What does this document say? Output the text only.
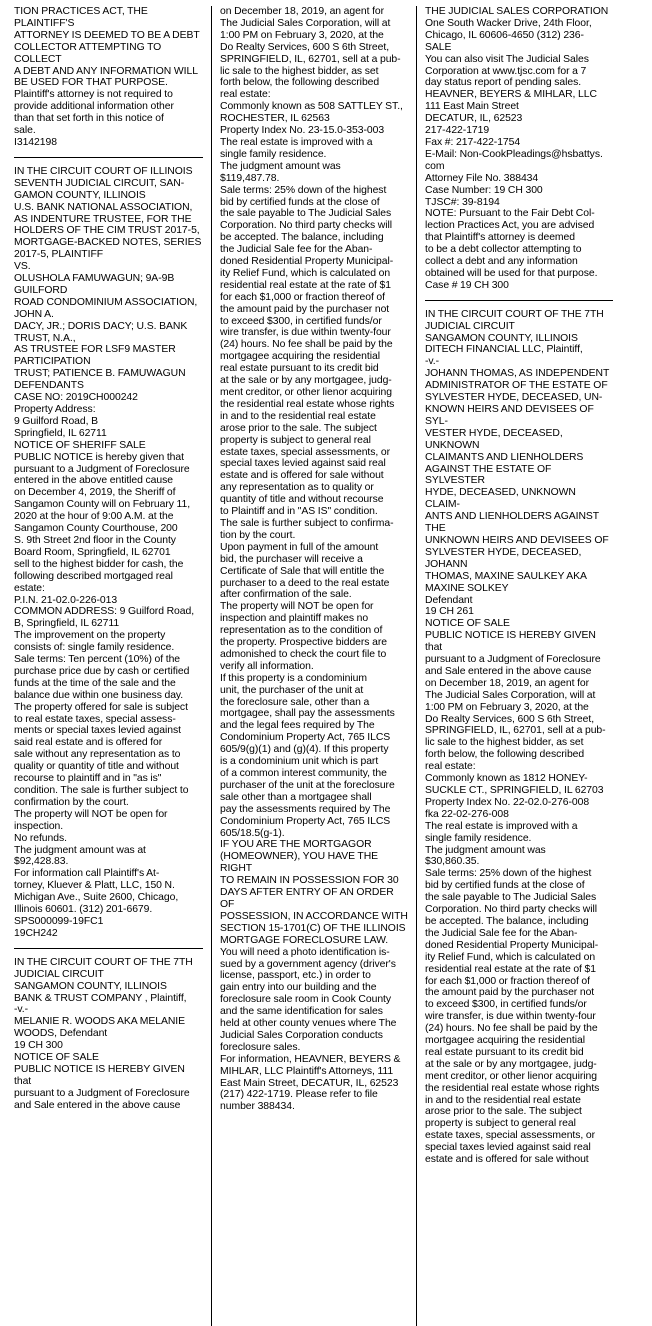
TION PRACTICES ACT, THE PLAINTIFF'S

ATTORNEY IS DEEMED TO BE A DEBT

COLLECTOR ATTEMPTING TO COLLECT

A DEBT AND ANY INFORMATION WILL

BE USED FOR THAT PURPOSE.

Plaintiff's attorney is not required to

provide additional information other

than that set forth in this notice of

sale.

I3142198

IN THE CIRCUIT COURT OF ILLINOIS

SEVENTH JUDICIAL CIRCUIT, SAN-

GAMON COUNTY, ILLINOIS

U.S. BANK NATIONAL ASSOCIATION,

AS INDENTURE TRUSTEE, FOR THE

HOLDERS OF THE CIM TRUST 2017-5,

MORTGAGE-BACKED NOTES, SERIES

2017-5, PLAINTIFF

VS.

OLUSHOLA FAMUWAGUN; 9A-9B

GUILFORD

ROAD CONDOMINIUM ASSOCIATION,

JOHN A.

DACY, JR.; DORIS DACY; U.S. BANK

TRUST, N.A.,

AS TRUSTEE FOR LSF9 MASTER

PARTICIPATION

TRUST; PATIENCE B. FAMUWAGUN

DEFENDANTS

CASE NO: 2019CH000242

Property Address:

9 Guilford Road, B

Springfield, IL 62711

NOTICE OF SHERIFF SALE

PUBLIC NOTICE is hereby given that

pursuant to a Judgment of Foreclosure

entered in the above entitled cause

on December 4, 2019, the Sheriff of

Sangamon County will on February 11,

2020 at the hour of 9:00 A.M. at the

Sangamon County Courthouse, 200

S. 9th Street 2nd floor in the County

Board Room, Springfield, IL 62701

sell to the highest bidder for cash, the

following described mortgaged real

estate:

P.I.N. 21-02.0-226-013

COMMON ADDRESS: 9 Guilford Road,

B, Springfield, IL 62711

The improvement on the property

consists of: single family residence.

Sale terms: Ten percent (10%) of the

purchase price due by cash or certified

funds at the time of the sale and the

balance due within one business day.

The property offered for sale is subject

to real estate taxes, special assess-

ments or special taxes levied against

said real estate and is offered for

sale without any representation as to

quality or quantity of title and without

recourse to plaintiff and in "as is"

condition. The sale is further subject to

confirmation by the court.

The property will NOT be open for

inspection.

No refunds.

The judgment amount was at

$92,428.83.

For information call Plaintiff's At-

torney, Kluever & Platt, LLC, 150 N.

Michigan Ave., Suite 2600, Chicago,

Illinois 60601. (312) 201-6679.

SPS000099-19FC1

19CH242

IN THE CIRCUIT COURT OF THE 7TH

JUDICIAL CIRCUIT

SANGAMON COUNTY, ILLINOIS

BANK & TRUST COMPANY , Plaintiff,

-v.-

MELANIE R. WOODS AKA MELANIE

WOODS, Defendant

19 CH 300

NOTICE OF SALE

PUBLIC NOTICE IS HEREBY GIVEN that

pursuant to a Judgment of Foreclosure

and Sale entered in the above cause

on December 18, 2019, an agent for

The Judicial Sales Corporation, will at

1:00 PM on February 3, 2020, at the

Do Realty Services, 600 S 6th Street,

SPRINGFIELD, IL, 62701, sell at a pub-

lic sale to the highest bidder, as set

forth below, the following described

real estate:

Commonly known as 508 SATTLEY ST.,

ROCHESTER, IL 62563

Property Index No. 23-15.0-353-003

The real estate is improved with a

single family residence.

The judgment amount was

$119,487.78.

Sale terms: 25% down of the highest

bid by certified funds at the close of

the sale payable to The Judicial Sales

Corporation. No third party checks will

be accepted. The balance, including

the Judicial Sale fee for the Aban-

doned Residential Property Municipal-

ity Relief Fund, which is calculated on

residential real estate at the rate of $1

for each $1,000 or fraction thereof of

the amount paid by the purchaser not

to exceed $300, in certified funds/or

wire transfer, is due within twenty-four

(24) hours. No fee shall be paid by the

mortgagee acquiring the residential

real estate pursuant to its credit bid

at the sale or by any mortgagee, judg-

ment creditor, or other lienor acquiring

the residential real estate whose rights

in and to the residential real estate

arose prior to the sale. The subject

property is subject to general real

estate taxes, special assessments, or

special taxes levied against said real

estate and is offered for sale without

any representation as to quality or

quantity of title and without recourse

to Plaintiff and in "AS IS" condition.

The sale is further subject to confirma-

tion by the court.

Upon payment in full of the amount

bid, the purchaser will receive a

Certificate of Sale that will entitle the

purchaser to a deed to the real estate

after confirmation of the sale.

The property will NOT be open for

inspection and plaintiff makes no

representation as to the condition of

the property. Prospective bidders are

admonished to check the court file to

verify all information.

If this property is a condominium

unit, the purchaser of the unit at

the foreclosure sale, other than a

mortgagee, shall pay the assessments

and the legal fees required by The

Condominium Property Act, 765 ILCS

605/9(g)(1) and (g)(4). If this property

is a condominium unit which is part

of a common interest community, the

purchaser of the unit at the foreclosure

sale other than a mortgagee shall

pay the assessments required by The

Condominium Property Act, 765 ILCS

605/18.5(g-1).

IF YOU ARE THE MORTGAGOR

(HOMEOWNER), YOU HAVE THE RIGHT

TO REMAIN IN POSSESSION FOR 30

DAYS AFTER ENTRY OF AN ORDER OF

POSSESSION, IN ACCORDANCE WITH

SECTION 15-1701(C) OF THE ILLINOIS

MORTGAGE FORECLOSURE LAW.

You will need a photo identification is-

sued by a government agency (driver's

license, passport, etc.) in order to

gain entry into our building and the

foreclosure sale room in Cook County

and the same identification for sales

held at other county venues where The

Judicial Sales Corporation conducts

foreclosure sales.

For information, HEAVNER, BEYERS &

MIHLAR, LLC Plaintiff's Attorneys, 111

East Main Street, DECATUR, IL, 62523

(217) 422-1719. Please refer to file

number 388434.

THE JUDICIAL SALES CORPORATION

One South Wacker Drive, 24th Floor,

Chicago, IL 60606-4650 (312) 236-

SALE

You can also visit The Judicial Sales

Corporation at www.tjsc.com for a 7

day status report of pending sales.

HEAVNER, BEYERS & MIHLAR, LLC

111 East Main Street

DECATUR, IL, 62523

217-422-1719

Fax #: 217-422-1754

E-Mail: Non-CookPleadings@hsbattys.

com

Attorney File No. 388434

Case Number: 19 CH 300

TJSC#: 39-8194

NOTE: Pursuant to the Fair Debt Col-

lection Practices Act, you are advised

that Plaintiff's attorney is deemed

to be a debt collector attempting to

collect a debt and any information

obtained will be used for that purpose.

Case # 19 CH 300

IN THE CIRCUIT COURT OF THE 7TH

JUDICIAL CIRCUIT

SANGAMON COUNTY, ILLINOIS

DITECH FINANCIAL LLC, Plaintiff,

-v.-

JOHANN THOMAS, AS INDEPENDENT

ADMINISTRATOR OF THE ESTATE OF

SYLVESTER HYDE, DECEASED, UN-

KNOWN HEIRS AND DEVISEES OF SYL-

VESTER HYDE, DECEASED, UNKNOWN

CLAIMANTS AND LIENHOLDERS

AGAINST THE ESTATE OF SYLVESTER

HYDE, DECEASED, UNKNOWN CLAIM-

ANTS AND LIENHOLDERS AGAINST THE

UNKNOWN HEIRS AND DEVISEES OF

SYLVESTER HYDE, DECEASED, JOHANN

THOMAS, MAXINE SAULKEY AKA

MAXINE SOLKEY

Defendant

19 CH 261

NOTICE OF SALE

PUBLIC NOTICE IS HEREBY GIVEN that

pursuant to a Judgment of Foreclosure

and Sale entered in the above cause

on December 18, 2019, an agent for

The Judicial Sales Corporation, will at

1:00 PM on February 3, 2020, at the

Do Realty Services, 600 S 6th Street,

SPRINGFIELD, IL, 62701, sell at a pub-

lic sale to the highest bidder, as set

forth below, the following described

real estate:

Commonly known as 1812 HONEY-

SUCKLE CT., SPRINGFIELD, IL 62703

Property Index No. 22-02.0-276-008

fka 22-02-276-008

The real estate is improved with a

single family residence.

The judgment amount was

$30,860.35.

Sale terms: 25% down of the highest

bid by certified funds at the close of

the sale payable to The Judicial Sales

Corporation. No third party checks will

be accepted. The balance, including

the Judicial Sale fee for the Aban-

doned Residential Property Municipal-

ity Relief Fund, which is calculated on

residential real estate at the rate of $1

for each $1,000 or fraction thereof of

the amount paid by the purchaser not

to exceed $300, in certified funds/or

wire transfer, is due within twenty-four

(24) hours. No fee shall be paid by the

mortgagee acquiring the residential

real estate pursuant to its credit bid

at the sale or by any mortgagee, judg-

ment creditor, or other lienor acquiring

the residential real estate whose rights

in and to the residential real estate

arose prior to the sale. The subject

property is subject to general real

estate taxes, special assessments, or

special taxes levied against said real

estate and is offered for sale without
